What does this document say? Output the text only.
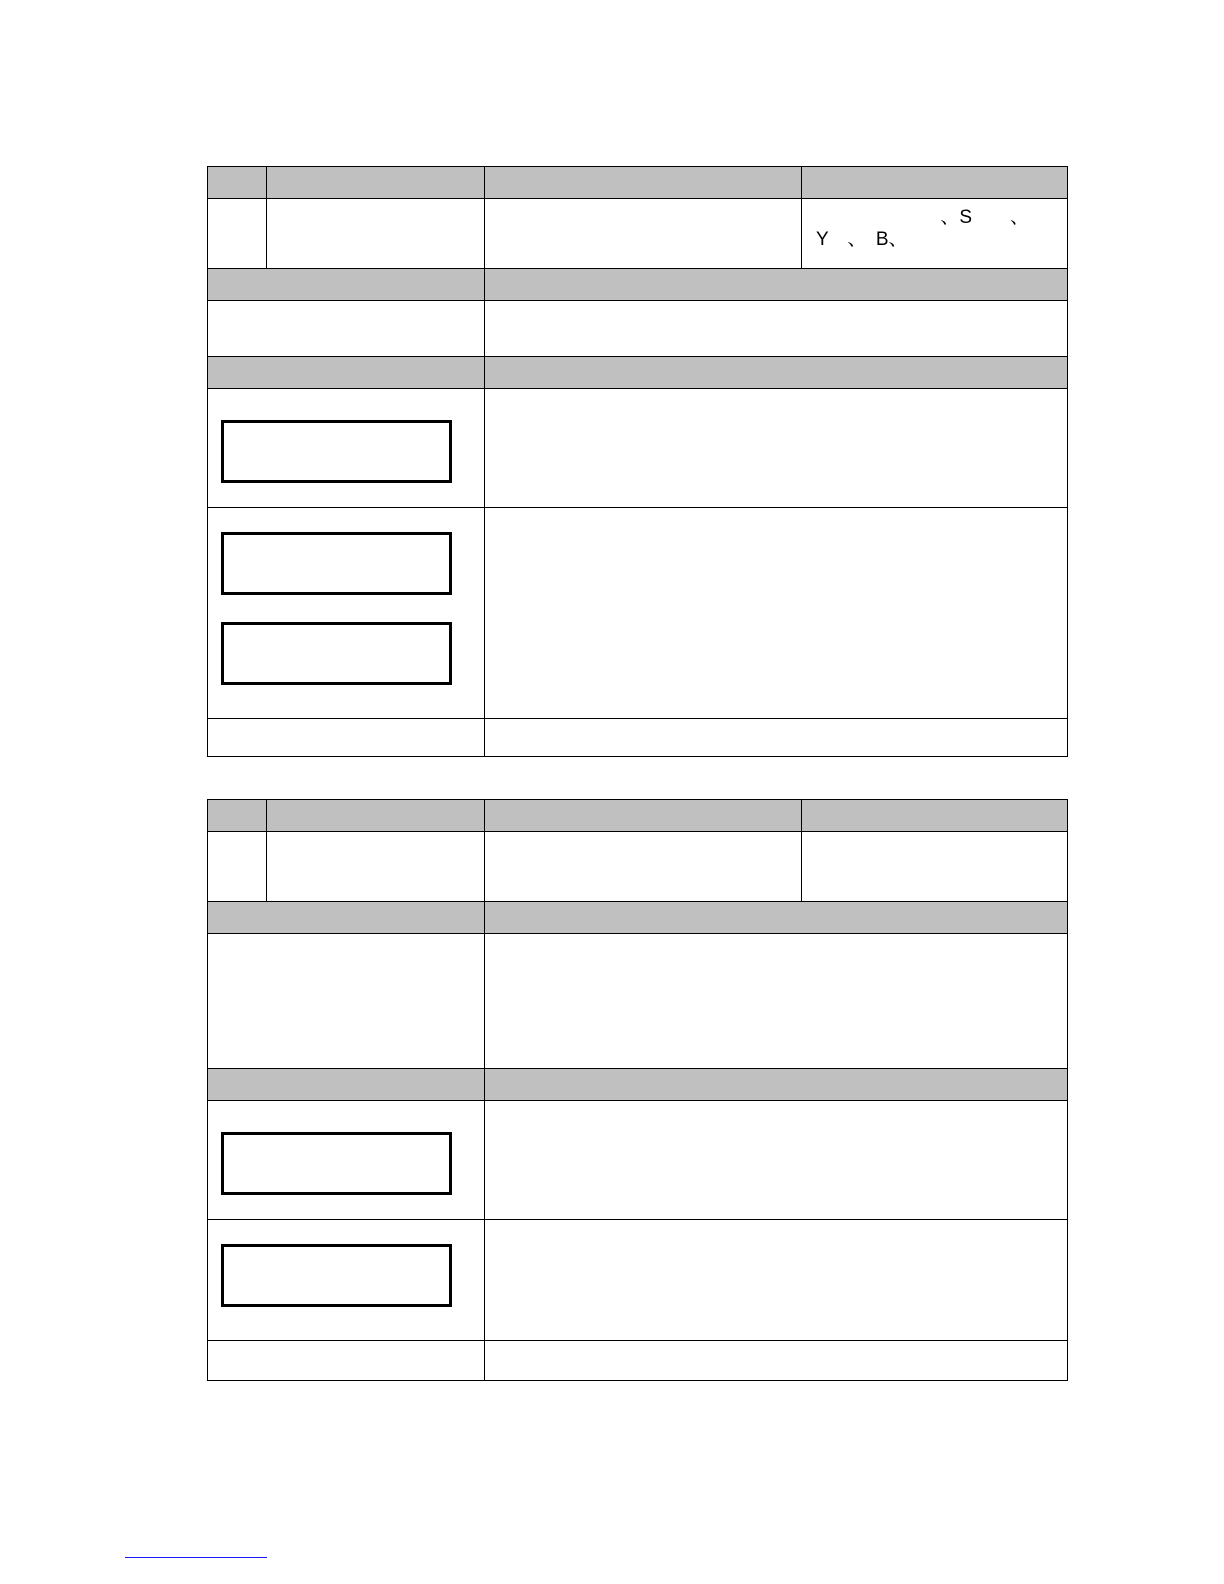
			、S　　、
Y　、　B、
